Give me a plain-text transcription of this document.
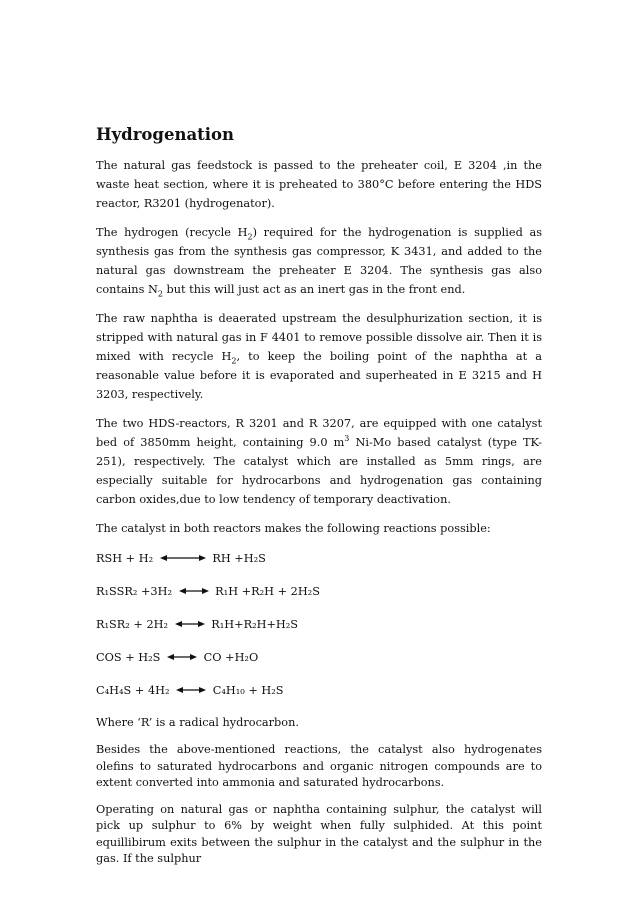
Hydrogenation

The natural gas feedstock is passed to the preheater coil, E 3204 ,in the waste heat section, where it is preheated to 380°C before entering the HDS reactor, R3201 (hydrogenator).

The hydrogen (recycle $H_2$) required for the hydrogenation is supplied as synthesis gas from the synthesis gas compressor, K 3431, and added to the natural gas downstream the preheater E 3204. The synthesis gas also contains $N_2$ but this will just act as an inert gas in the front end.

The raw naphtha is deaerated upstream the desulphurization section, it is stripped with natural gas in F 4401 to remove possible dissolve air. Then it is mixed with recycle $H_2$, to keep the boiling point of the naphtha at a reasonable value before it is evaporated and superheated in E 3215 and H 3203, respectively.

The two HDS-reactors, R 3201 and R 3207, are equipped with one catalyst bed of 3850mm height, containing 9.0 $m^3$ Ni-Mo based catalyst (type TK-251), respectively. The catalyst which are installed as 5mm rings, are especially suitable for hydrocarbons and hydrogenation gas containing carbon oxides,due to low tendency of temporary deactivation.

The catalyst in both reactors makes the following reactions possible:

RSH + H₂	RH +H₂S
R₁SSR₂ +3H₂	R₁H +R₂H + 2H₂S
R₁SR₂ + 2H₂	R₁H+R₂H+H₂S
COS + H₂S	CO +H₂O
C₄H₄S + 4H₂	C₄H₁₀ + H₂S

Where ‘R’ is a radical hydrocarbon.

Besides the above-mentioned reactions, the catalyst also hydrogenates olefins to saturated hydrocarbons and organic nitrogen compounds are to extent converted into ammonia and saturated hydrocarbons.

Operating on natural gas or naphtha containing sulphur, the catalyst will pick up sulphur to 6% by weight when fully sulphided. At this point equillibirum exits between the sulphur in the catalyst and the sulphur in the gas. If the sulphur
